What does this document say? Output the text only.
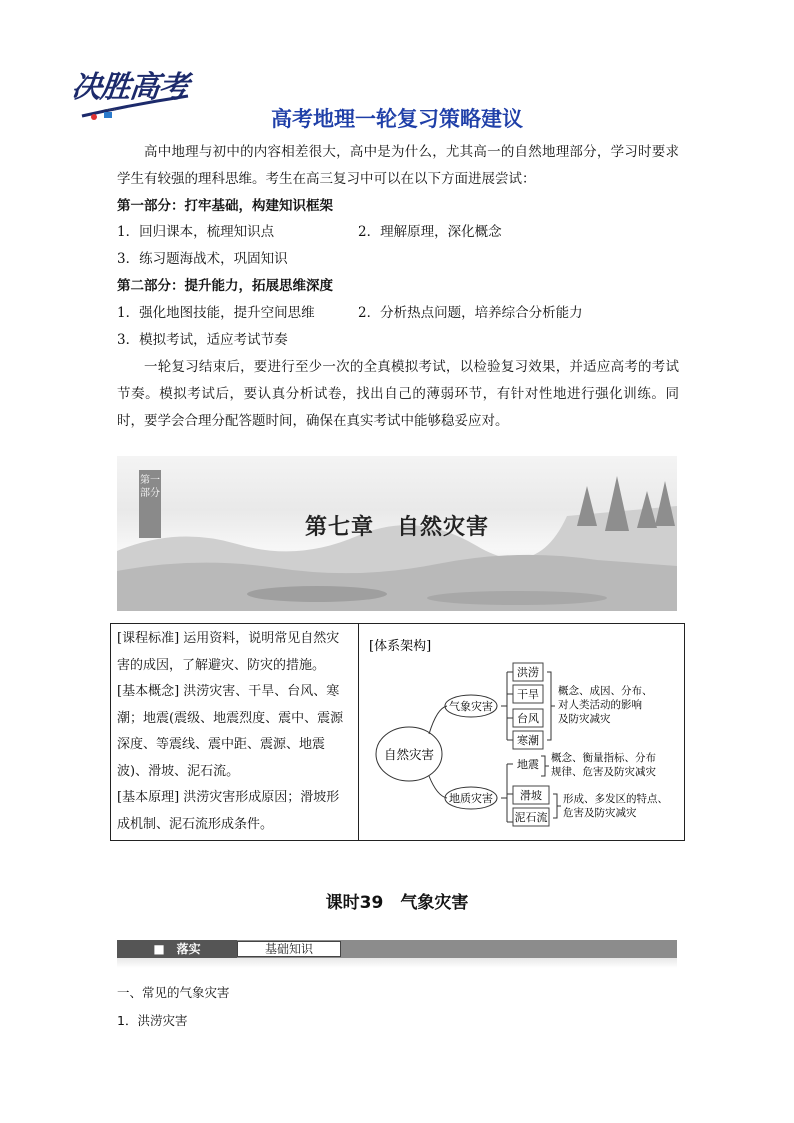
决胜高考
……	高考地理一轮复习策略建议
高中地理与初中的内容相差很大，高中是为什么，尤其高一的自然地理部分，学习时要求学生有较强的理科思维。考生在高三复习中可以在以下方面进展尝试：
第一部分：打牢基础，构建知识框架
1．回归课本，梳理知识点	2．理解原理，深化概念
3．练习题海战术，巩固知识
第二部分：提升能力，拓展思维深度
1．强化地图技能，提升空间思维	2．分析热点问题，培养综合分析能力
3．模拟考试，适应考试节奏
一轮复习结束后，要进行至少一次的全真模拟考试，以检验复习效果，并适应高考的考试节奏。模拟考试后，要认真分析试卷，找出自己的薄弱环节，有针对性地进行强化训练。同时，要学会合理分配答题时间，确保在真实考试中能够稳妥应对。
第一部分
第七章　自然灾害
[课程标准] 运用资料，说明常见自然灾害的成因，了解避灾、防灾的措施。
[基本概念] 洪涝灾害、干旱、台风、寒潮；地震(震级、地震烈度、震中、震源深度、等震线、震中距、震源、地震波)、滑坡、泥石流。
[基本原理] 洪涝灾害形成原因；滑坡形成机制、泥石流形成条件。
[体系架构]
自然灾害
气象灾害
地质灾害
洪涝
干旱
台风
寒潮
概念、成因、分布、
对人类活动的影响
及防灾减灾
地震 概念、衡量指标、分布
规律、危害及防灾减灾
滑坡
泥石流
形成、多发区的特点、
危害及防灾减灾
课时39　气象灾害
■　落实	基础知识
一、常见的气象灾害
1．洪涝灾害
